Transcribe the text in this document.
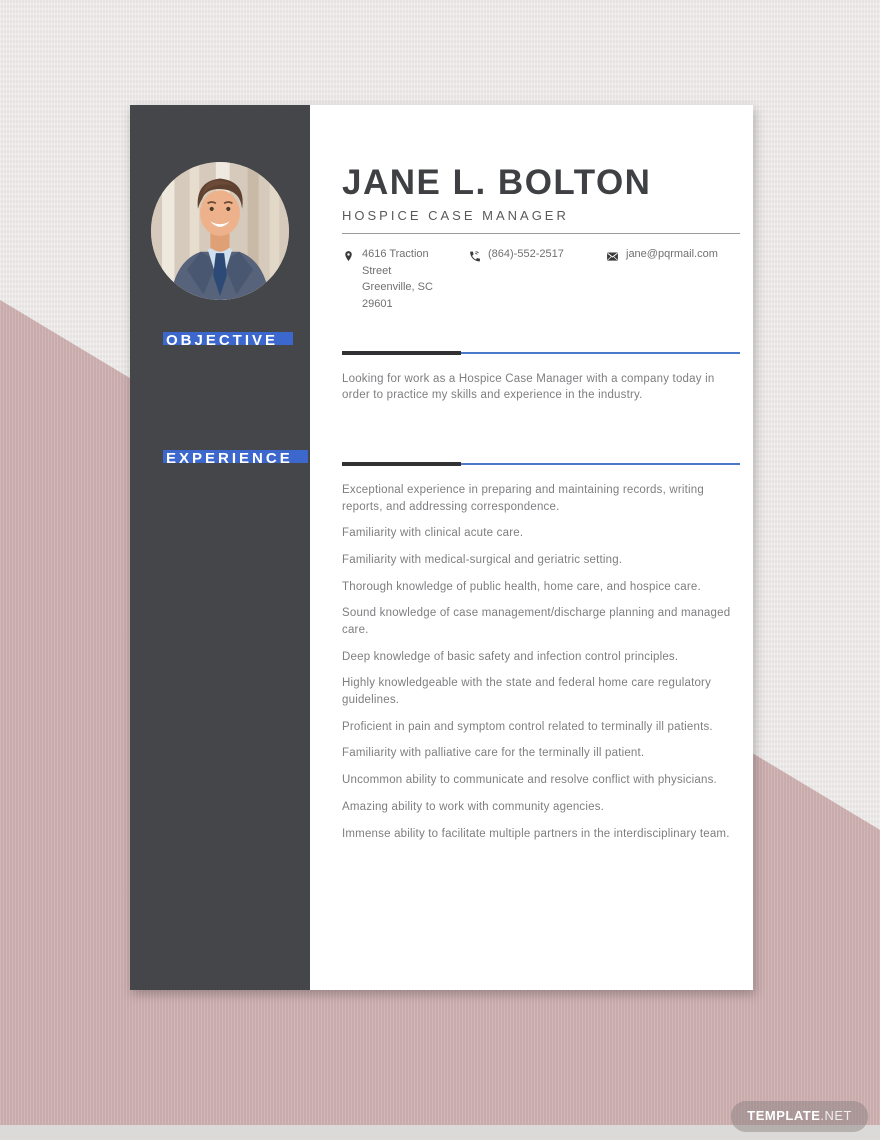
OBJECTIVE
EXPERIENCE
JANE L. BOLTON
HOSPICE CASE MANAGER
4616 Traction
Street
Greenville, SC
29601
(864)-552-2517	jane@pqrmail.com

Looking for work as a Hospice Case Manager with a company today in order to practice my skills and experience in the industry.

Exceptional experience in preparing and maintaining records, writing reports, and addressing correspondence.

Familiarity with clinical acute care.

Familiarity with medical-surgical and geriatric setting.

Thorough knowledge of public health, home care, and hospice care.

Sound knowledge of case management/discharge planning and managed care.

Deep knowledge of basic safety and infection control principles.

Highly knowledgeable with the state and federal home care regulatory guidelines.

Proficient in pain and symptom control related to terminally ill patients.

Familiarity with palliative care for the terminally ill patient.

Uncommon ability to communicate and resolve conflict with physicians.

Amazing ability to work with community agencies.

Immense ability to facilitate multiple partners in the interdisciplinary team.

TEMPLATE.NET
